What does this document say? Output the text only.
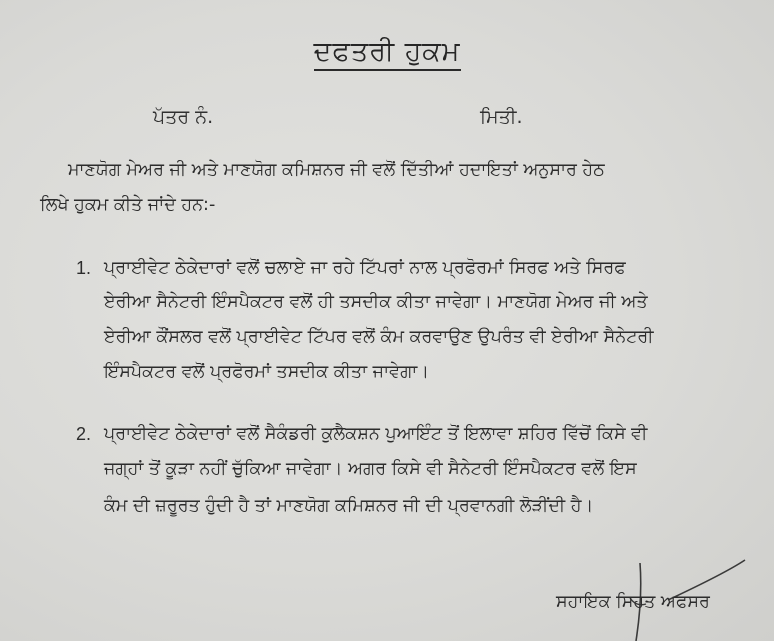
ਦਫਤਰੀ ਹੁਕਮ
ਪੱਤਰ ਨੰ.	ਮਿਤੀ.
ਮਾਣਯੋਗ ਮੇਅਰ ਜੀ ਅਤੇ ਮਾਣਯੋਗ ਕਮਿਸ਼ਨਰ ਜੀ ਵਲੋਂ ਦਿੱਤੀਆਂ ਹਦਾਇਤਾਂ ਅਨੁਸਾਰ ਹੇਠ
ਲਿਖੇ ਹੁਕਮ ਕੀਤੇ ਜਾਂਦੇ ਹਨ:-
1. ਪ੍ਰਾਈਵੇਟ ਠੇਕੇਦਾਰਾਂ ਵਲੋਂ ਚਲਾਏ ਜਾ ਰਹੇ ਟਿੱਪਰਾਂ ਨਾਲ ਪ੍ਰਫੋਰਮਾਂ ਸਿਰਫ ਅਤੇ ਸਿਰਫ
ਏਰੀਆ ਸੈਨੇਟਰੀ ਇੰਸਪੈਕਟਰ ਵਲੋਂ ਹੀ ਤਸਦੀਕ ਕੀਤਾ ਜਾਵੇਗਾ। ਮਾਣਯੋਗ ਮੇਅਰ ਜੀ ਅਤੇ
ਏਰੀਆ ਕੌਂਸਲਰ ਵਲੋਂ ਪ੍ਰਾਈਵੇਟ ਟਿੱਪਰ ਵਲੋਂ ਕੰਮ ਕਰਵਾਉਣ ਉਪਰੰਤ ਵੀ ਏਰੀਆ ਸੈਨੇਟਰੀ
ਇੰਸਪੈਕਟਰ ਵਲੋਂ ਪ੍ਰਫੋਰਮਾਂ ਤਸਦੀਕ ਕੀਤਾ ਜਾਵੇਗਾ।
2. ਪ੍ਰਾਈਵੇਟ ਠੇਕੇਦਾਰਾਂ ਵਲੋਂ ਸੈਕੰਡਰੀ ਕੁਲੈਕਸ਼ਨ ਪੁਆਇੰਟ ਤੋਂ ਇਲਾਵਾ ਸ਼ਹਿਰ ਵਿੱਚੋਂ ਕਿਸੇ ਵੀ
ਜਗ੍ਹਾਂ ਤੋਂ ਕੂੜਾ ਨਹੀਂ ਚੁੱਕਿਆ ਜਾਵੇਗਾ। ਅਗਰ ਕਿਸੇ ਵੀ ਸੈਨੇਟਰੀ ਇੰਸਪੈਕਟਰ ਵਲੋਂ ਇਸ
ਕੰਮ ਦੀ ਜ਼ਰੂਰਤ ਹੁੰਦੀ ਹੈ ਤਾਂ ਮਾਣਯੋਗ ਕਮਿਸ਼ਨਰ ਜੀ ਦੀ ਪ੍ਰਵਾਨਗੀ ਲੋੜੀਂਦੀ ਹੈ।
ਸਹਾਇਕ ਸਿਹਤ ਅਫਸਰ
